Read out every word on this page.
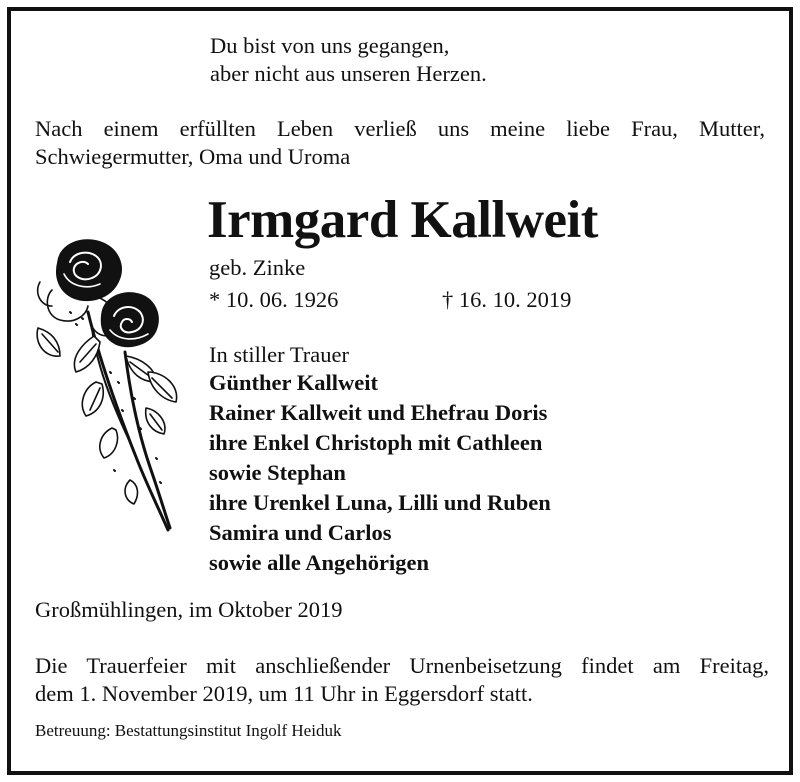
Du bist von uns gegangen,
aber nicht aus unseren Herzen.

Nach einem erfüllten Leben verließ uns meine liebe Frau, Mutter,
Schwiegermutter, Oma und Uroma

Irmgard Kallweit

geb. Zinke

* 10. 06. 1926	† 16. 10. 2019

In stiller Trauer

Günther Kallweit
Rainer Kallweit und Ehefrau Doris
ihre Enkel Christoph mit Cathleen
sowie Stephan
ihre Urenkel Luna, Lilli und Ruben
Samira und Carlos
sowie alle Angehörigen

Großmühlingen, im Oktober 2019

Die Trauerfeier mit anschließender Urnenbeisetzung findet am Freitag,
dem 1. November 2019, um 11 Uhr in Eggersdorf statt.

Betreuung: Bestattungsinstitut Ingolf Heiduk
